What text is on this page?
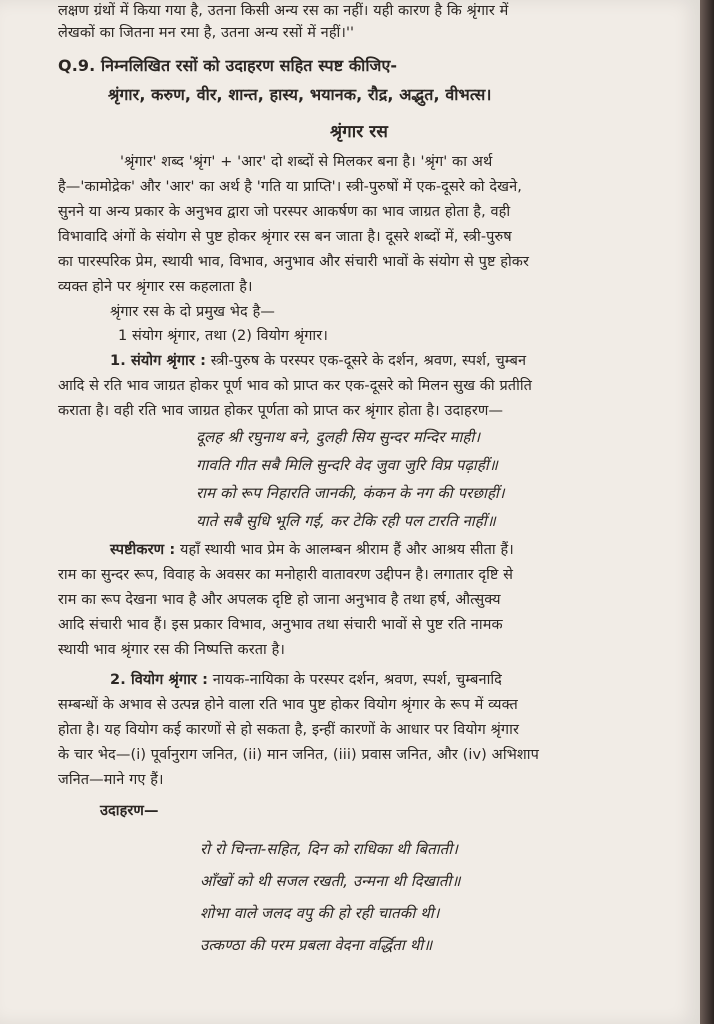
लक्षण ग्रंथों में किया गया है, उतना किसी अन्य रस का नहीं। यही कारण है कि श्रृंगार में
लेखकों का जितना मन रमा है, उतना अन्य रसों में नहीं।''
Q.9. निम्नलिखित रसों को उदाहरण सहित स्पष्ट कीजिए-
श्रृंगार, करुण, वीर, शान्त, हास्य, भयानक, रौद्र, अद्भुत, वीभत्स।
श्रृंगार रस
'श्रृंगार' शब्द 'श्रृंग' + 'आर' दो शब्दों से मिलकर बना है। 'श्रृंग' का अर्थ
है—'कामोद्रेक' और 'आर' का अर्थ है 'गति या प्राप्ति'। स्त्री-पुरुषों में एक-दूसरे को देखने,
सुनने या अन्य प्रकार के अनुभव द्वारा जो परस्पर आकर्षण का भाव जाग्रत होता है, वही
विभावादि अंगों के संयोग से पुष्ट होकर श्रृंगार रस बन जाता है। दूसरे शब्दों में, स्त्री-पुरुष
का पारस्परिक प्रेम, स्थायी भाव, विभाव, अनुभाव और संचारी भावों के संयोग से पुष्ट होकर
व्यक्त होने पर श्रृंगार रस कहलाता है।
श्रृंगार रस के दो प्रमुख भेद है—
1 संयोग श्रृंगार, तथा (2) वियोग श्रृंगार।
1. संयोग श्रृंगार : स्त्री-पुरुष के परस्पर एक-दूसरे के दर्शन, श्रवण, स्पर्श, चुम्बन
आदि से रति भाव जाग्रत होकर पूर्ण भाव को प्राप्त कर एक-दूसरे को मिलन सुख की प्रतीति
कराता है। वही रति भाव जाग्रत होकर पूर्णता को प्राप्त कर श्रृंगार होता है। उदाहरण—
दूलह श्री रघुनाथ बने, दुलही सिय सुन्दर मन्दिर माही।
गावति गीत सबै मिलि सुन्दरि वेद जुवा जुरि विप्र पढ़ाहीं॥
राम को रूप निहारति जानकी, कंकन के नग की परछाहीं।
याते सबै सुधि भूलि गई, कर टेकि रही पल टारति नाहीं॥
स्पष्टीकरण : यहाँ स्थायी भाव प्रेम के आलम्बन श्रीराम हैं और आश्रय सीता हैं।
राम का सुन्दर रूप, विवाह के अवसर का मनोहारी वातावरण उद्दीपन है। लगातार दृष्टि से
राम का रूप देखना भाव है और अपलक दृष्टि हो जाना अनुभाव है तथा हर्ष, औत्सुक्य
आदि संचारी भाव हैं। इस प्रकार विभाव, अनुभाव तथा संचारी भावों से पुष्ट रति नामक
स्थायी भाव श्रृंगार रस की निष्पत्ति करता है।
2. वियोग श्रृंगार : नायक-नायिका के परस्पर दर्शन, श्रवण, स्पर्श, चुम्बनादि
सम्बन्धों के अभाव से उत्पन्न होने वाला रति भाव पुष्ट होकर वियोग श्रृंगार के रूप में व्यक्त
होता है। यह वियोग कई कारणों से हो सकता है, इन्हीं कारणों के आधार पर वियोग श्रृंगार
के चार भेद—(i) पूर्वानुराग जनित, (ii) मान जनित, (iii) प्रवास जनित, और (iv) अभिशाप
जनित—माने गए हैं।
उदाहरण—
रो रो चिन्ता-सहित, दिन को राधिका थी बिताती।
आँखों को थी सजल रखती, उन्मना थी दिखाती॥
शोभा वाले जलद वपु की हो रही चातकी थी।
उत्कण्ठा की परम प्रबला वेदना वर्द्धिता थी॥
